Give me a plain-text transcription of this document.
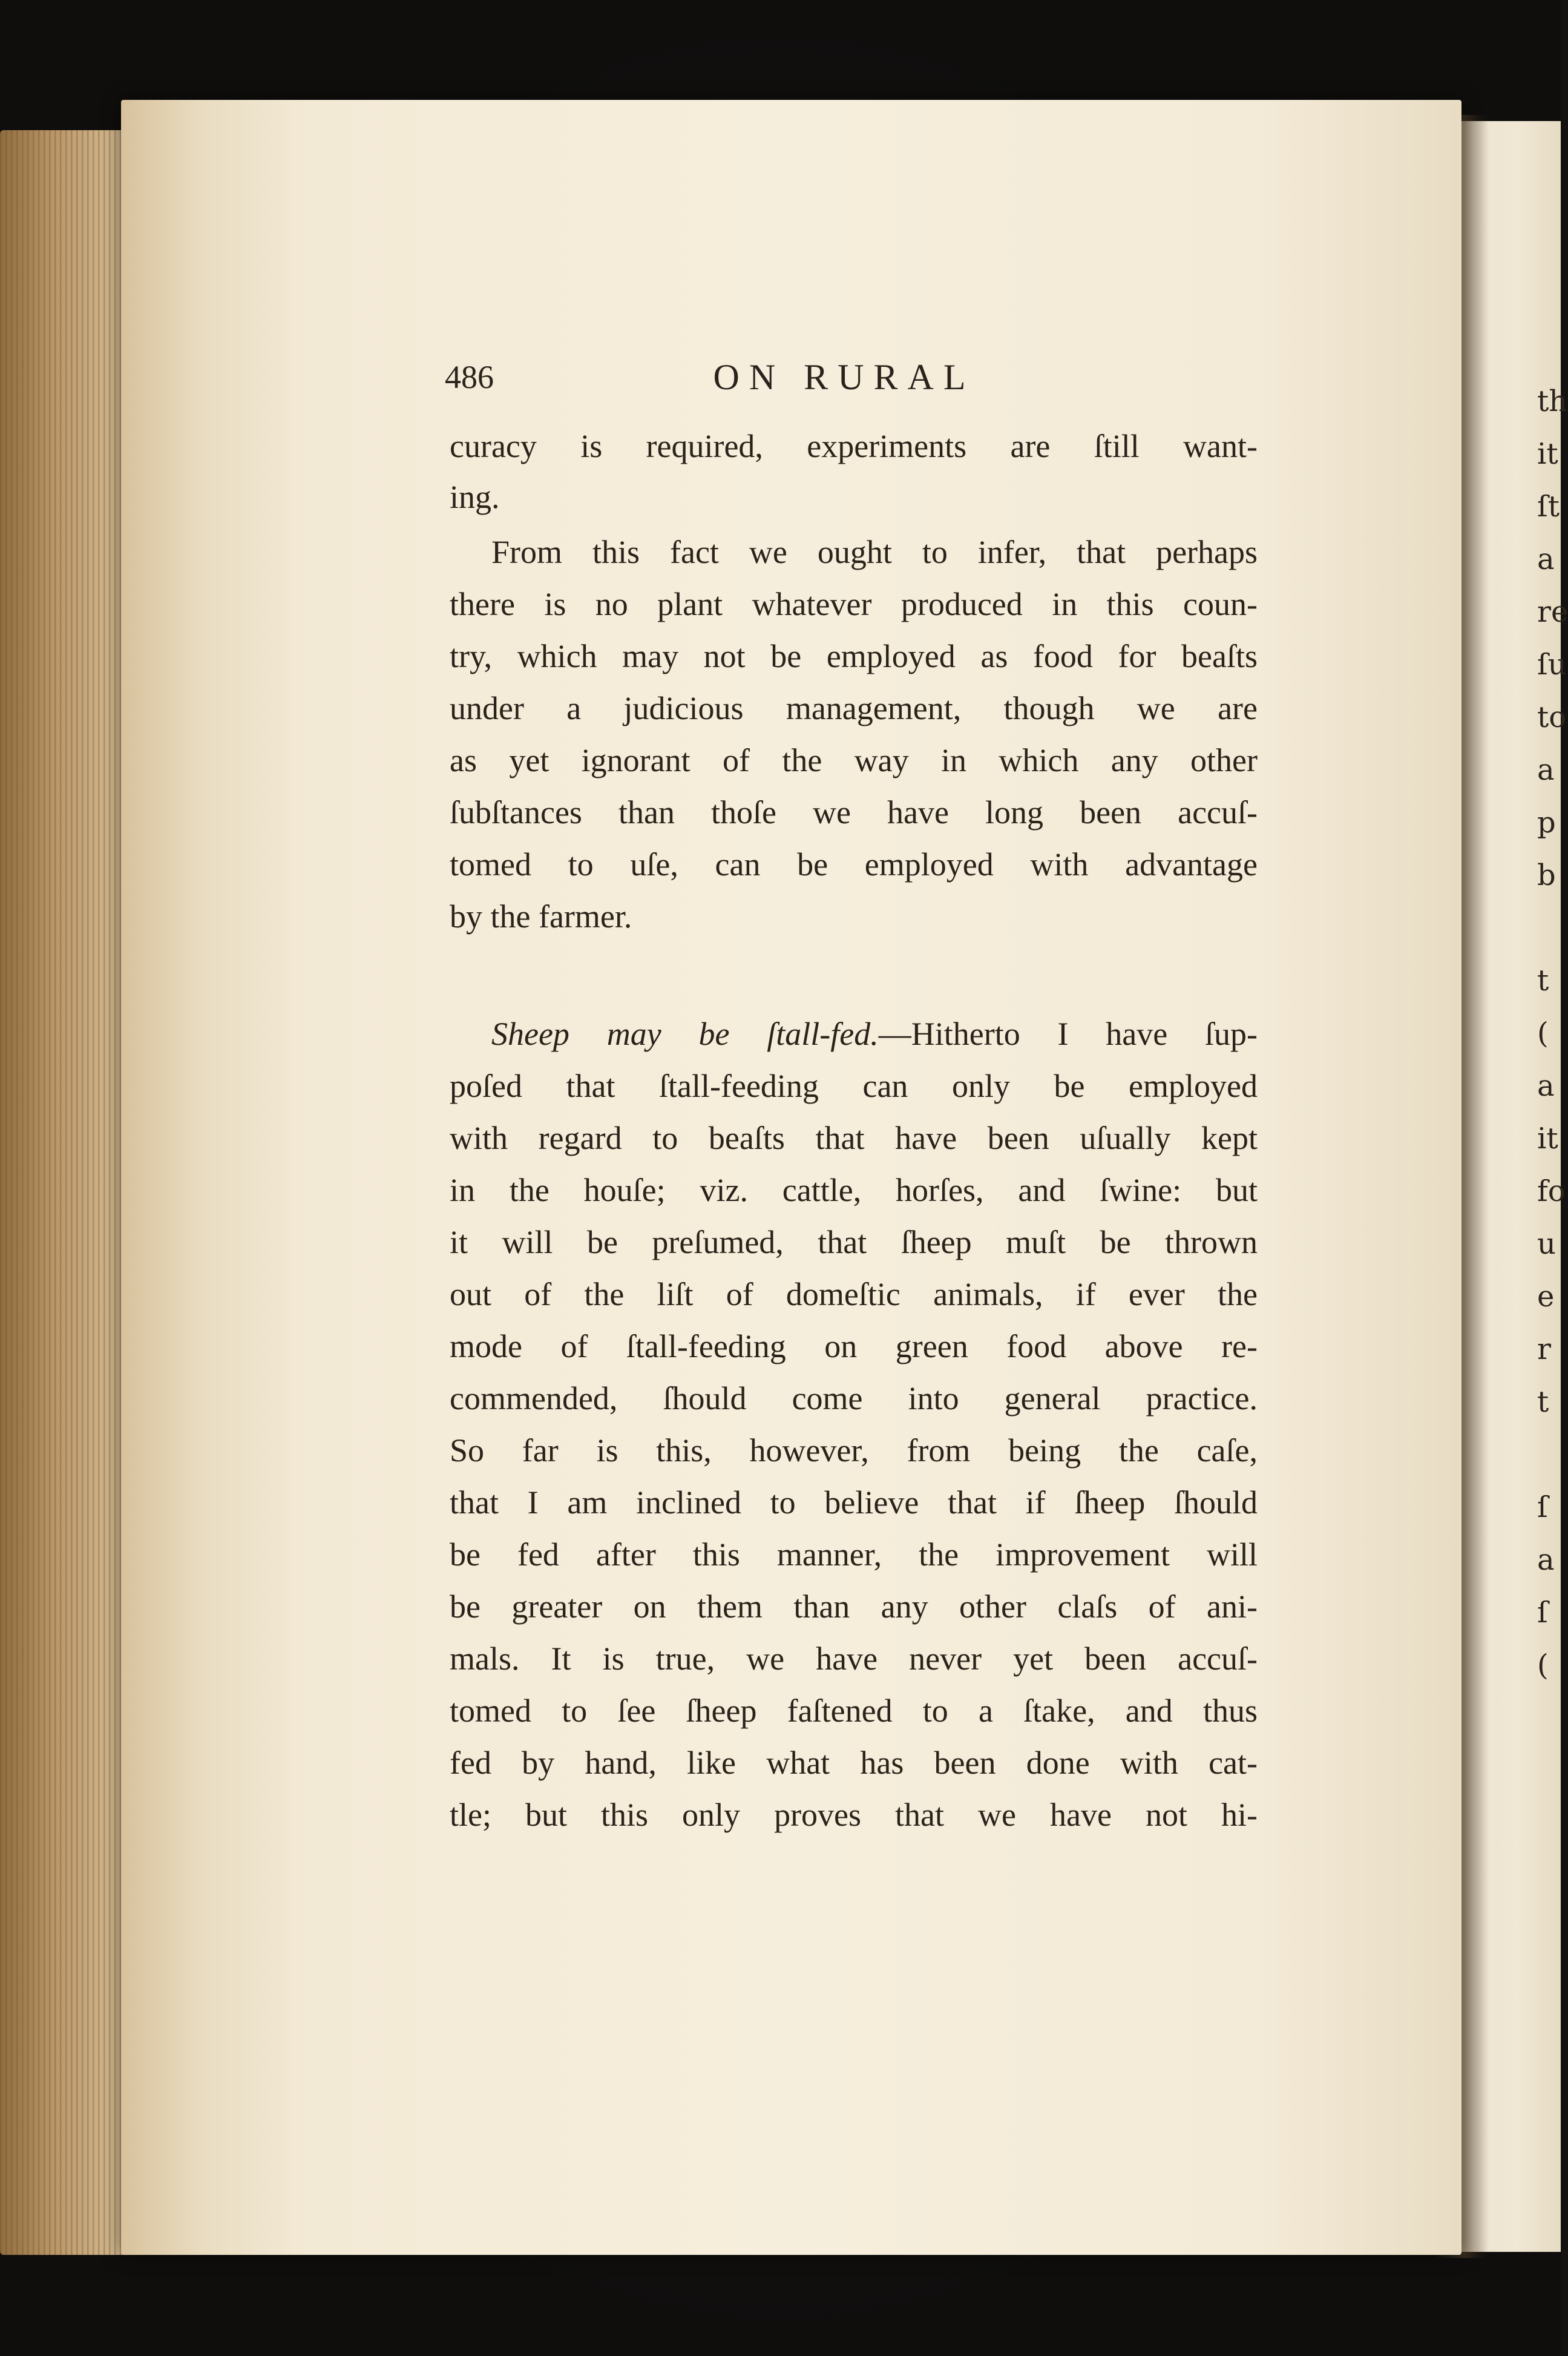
th
it
ſt
a
re
ſu
to
a
p
b
t
(
a
it
fo
u
e
r
t
ſ
a
ſ
(
486	ON RURAL
curacy is required, experiments are ſtill want-
ing.
From this fact we ought to infer, that perhaps
there is no plant whatever produced in this coun-
try, which may not be employed as food for beaſts
under a judicious management, though we are
as yet ignorant of the way in which any other
ſubſtances than thoſe we have long been accuſ-
tomed to uſe, can be employed with advantage
by the farmer.
Sheep may be ſtall-fed.—Hitherto I have ſup-
poſed that ſtall-feeding can only be employed
with regard to beaſts that have been uſually kept
in the houſe; viz. cattle, horſes, and ſwine: but
it will be preſumed, that ſheep muſt be thrown
out of the liſt of domeſtic animals, if ever the
mode of ſtall-feeding on green food above re-
commended, ſhould come into general practice.
So far is this, however, from being the caſe,
that I am inclined to believe that if ſheep ſhould
be fed after this manner, the improvement will
be greater on them than any other claſs of ani-
mals. It is true, we have never yet been accuſ-
tomed to ſee ſheep faſtened to a ſtake, and thus
fed by hand, like what has been done with cat-
tle; but this only proves that we have not hi-
